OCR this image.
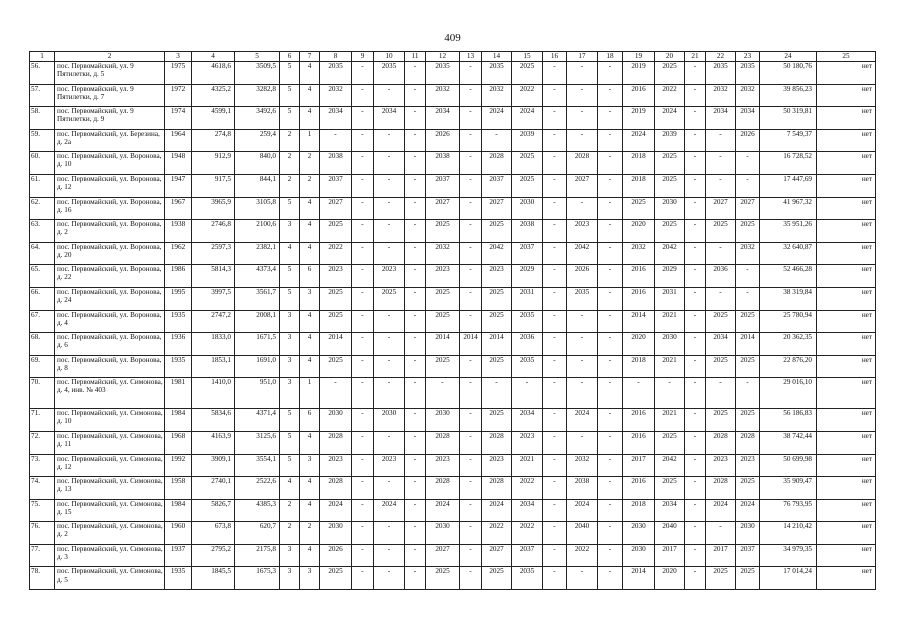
409
1	2	3	4	5	6	7	8	9	10	11	12	13	14	15	16	17	18	19	20	21	22	23	24	25
56.	пос. Первомайский, ул. 9 Пятилетки, д. 5	1975	4618,6	3509,5	5	4	2035	-	2035	-	2035	-	2035	2025	-	-	-	2019	2025	-	2035	2035	50 180,76	нет
57.	пос. Первомайский, ул. 9 Пятилетки, д. 7	1972	4325,2	3282,8	5	4	2032	-	-	-	2032	-	2032	2022	-	-	-	2016	2022	-	2032	2032	39 856,23	нет
58.	пос. Первомайский, ул. 9 Пятилетки, д. 9	1974	4599,1	3492,6	5	4	2034	-	2034	-	2034	-	2024	2024	-	-	-	2019	2024	-	2034	2034	50 319,81	нет
59.	пос. Первомайский, ул. Березина, д. 2а	1964	274,8	259,4	2	1	-	-	-	-	2026	-	-	2039	-	-	-	2024	2039	-	-	2026	7 549,37	нет
60.	пос. Первомайский, ул. Воронова, д. 10	1948	912,9	840,0	2	2	2038	-	-	-	2038	-	2028	2025	-	2028	-	2018	2025	-	-	-	16 728,52	нет
61.	пос. Первомайский, ул. Воронова, д. 12	1947	917,5	844,1	2	2	2037	-	-	-	2037	-	2037	2025	-	2027	-	2018	2025	-	-	-	17 447,69	нет
62.	пос. Первомайский, ул. Воронова, д. 16	1967	3965,9	3105,8	5	4	2027	-	-	-	2027	-	2027	2030	-	-	-	2025	2030	-	2027	2027	41 967,32	нет
63.	пос. Первомайский, ул. Воронова, д. 2	1938	2746,8	2100,6	3	4	2025	-	-	-	2025	-	2025	2038	-	2023	-	2020	2025	-	2025	2025	35 951,26	нет
64.	пос. Первомайский, ул. Воронова, д. 20	1962	2597,3	2382,1	4	4	2022	-	-	-	2032	-	2042	2037	-	2042	-	2032	2042	-	-	2032	32 640,87	нет
65.	пос. Первомайский, ул. Воронова, д. 22	1986	5814,3	4373,4	5	6	2023	-	2023	-	2023	-	2023	2029	-	2026	-	2016	2029	-	2036	-	52 466,28	нет
66.	пос. Первомайский, ул. Воронова, д. 24	1995	3997,5	3561,7	5	3	2025	-	2025	-	2025	-	2025	2031	-	2035	-	2016	2031	-	-	-	38 319,84	нет
67.	пос. Первомайский, ул. Воронова, д. 4	1935	2747,2	2008,1	3	4	2025	-	-	-	2025	-	2025	2035	-	-	-	2014	2021	-	2025	2025	25 780,94	нет
68.	пос. Первомайский, ул. Воронова, д. 6	1936	1833,0	1671,5	3	4	2014	-	-	-	2014	2014	2014	2036	-	-	-	2020	2030	-	2034	2014	20 362,35	нет
69.	пос. Первомайский, ул. Воронова, д. 8	1935	1853,1	1691,0	3	4	2025	-	-	-	2025	-	2025	2035	-	-	-	2018	2021	-	2025	2025	22 876,20	нет
70.	пос. Первомайский, ул. Симонова, д. 4, инв. № 403	1981	1410,0	951,0	3	1	-	-	-	-	-	-	-	-	-	-	-	-	-	-	-	-	29 016,10	нет
71.	пос. Первомайский, ул. Симонова, д. 10	1984	5834,6	4371,4	5	6	2030	-	2030	-	2030	-	2025	2034	-	2024	-	2016	2021	-	2025	2025	56 186,83	нет
72.	пос. Первомайский, ул. Симонова, д. 11	1968	4163,9	3125,6	5	4	2028	-	-	-	2028	-	2028	2023	-	-	-	2016	2025	-	2028	2028	38 742,44	нет
73.	пос. Первомайский, ул. Симонова, д. 12	1992	3909,1	3554,1	5	3	2023	-	2023	-	2023	-	2023	2021	-	2032	-	2017	2042	-	2023	2023	50 699,98	нет
74.	пос. Первомайский, ул. Симонова, д. 13	1958	2740,1	2522,6	4	4	2028	-	-	-	2028	-	2028	2022	-	2038	-	2016	2025	-	2028	2025	35 909,47	нет
75.	пос. Первомайский, ул. Симонова, д. 15	1984	5826,7	4385,3	2	4	2024	-	2024	-	2024	-	2024	2034	-	2024	-	2018	2034	-	2024	2024	76 793,95	нет
76.	пос. Первомайский, ул. Симонова, д. 2	1960	673,8	620,7	2	2	2030	-	-	-	2030	-	2022	2022	-	2040	-	2030	2040	-	-	2030	14 210,42	нет
77.	пос. Первомайский, ул. Симонова, д. 3	1937	2795,2	2175,8	3	4	2026	-	-	-	2027	-	2027	2037	-	2022	-	2030	2017	-	2017	2037	34 979,35	нет
78.	пос. Первомайский, ул. Симонова, д. 5	1935	1845,5	1675,3	3	3	2025	-	-	-	2025	-	2025	2035	-	-	-	2014	2020	-	2025	2025	17 014,24	нет
